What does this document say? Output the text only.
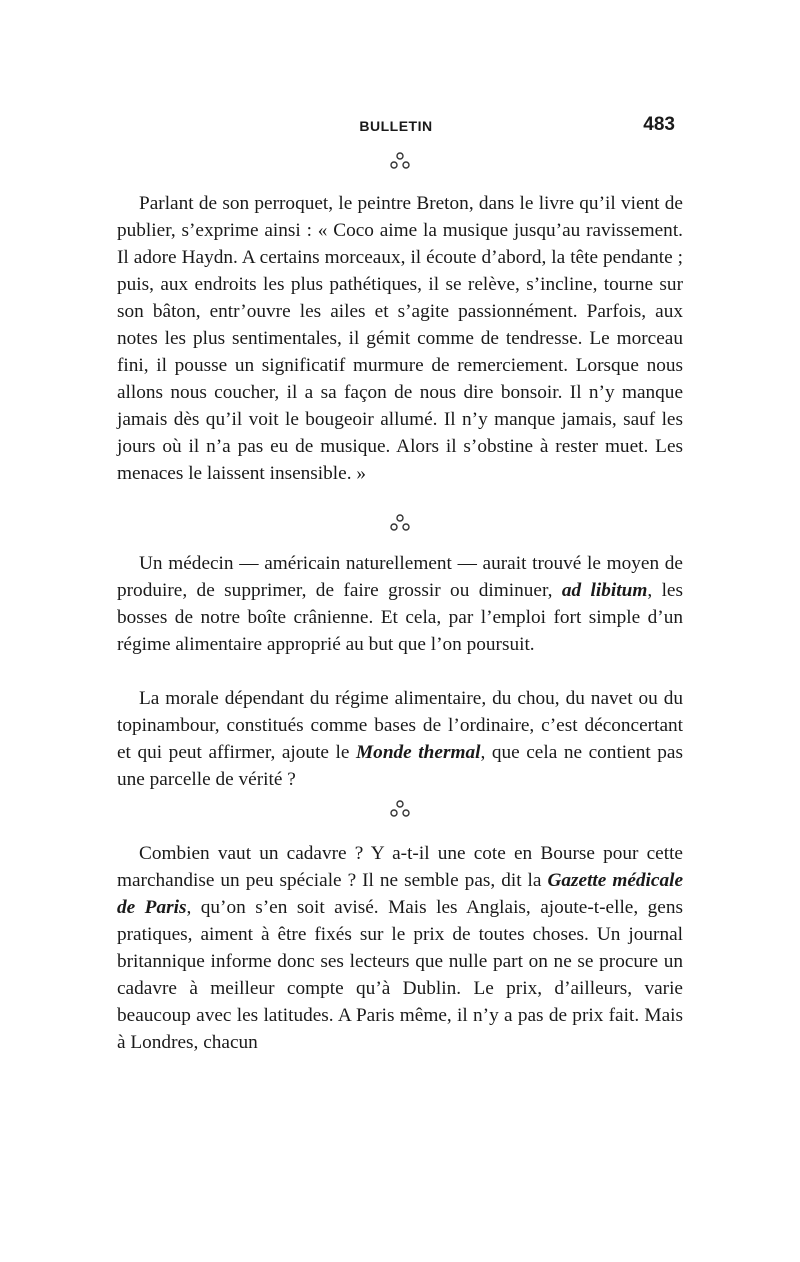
BULLETIN	483

Parlant de son perroquet, le peintre Breton, dans le livre qu’il vient de publier, s’exprime ainsi : « Coco aime la musique jusqu’au ravissement. Il adore Haydn. A certains morceaux, il écoute d’abord, la tête pendante ; puis, aux endroits les plus pathétiques, il se relève, s’incline, tourne sur son bâton, entr’ouvre les ailes et s’agite passionnément. Parfois, aux notes les plus sentimentales, il gémit comme de tendresse. Le morceau fini, il pousse un significatif murmure de remerciement. Lorsque nous allons nous coucher, il a sa façon de nous dire bonsoir. Il n’y manque jamais dès qu’il voit le bougeoir allumé. Il n’y manque jamais, sauf les jours où il n’a pas eu de musique. Alors il s’obstine à rester muet. Les menaces le laissent insensible. »

Un médecin — américain naturellement — aurait trouvé le moyen de produire, de supprimer, de faire grossir ou diminuer, ad libitum, les bosses de notre boîte crânienne. Et cela, par l’emploi fort simple d’un régime alimentaire approprié au but que l’on poursuit.

La morale dépendant du régime alimentaire, du chou, du navet ou du topinambour, constitués comme bases de l’ordinaire, c’est déconcertant et qui peut affirmer, ajoute le Monde thermal, que cela ne contient pas une parcelle de vérité ?

Combien vaut un cadavre ? Y a-t-il une cote en Bourse pour cette marchandise un peu spéciale ? Il ne semble pas, dit la Gazette médicale de Paris, qu’on s’en soit avisé. Mais les Anglais, ajoute-t-elle, gens pratiques, aiment à être fixés sur le prix de toutes choses. Un journal britannique informe donc ses lecteurs que nulle part on ne se procure un cadavre à meilleur compte qu’à Dublin. Le prix, d’ailleurs, varie beaucoup avec les latitudes. A Paris même, il n’y a pas de prix fait. Mais à Londres, chacun
